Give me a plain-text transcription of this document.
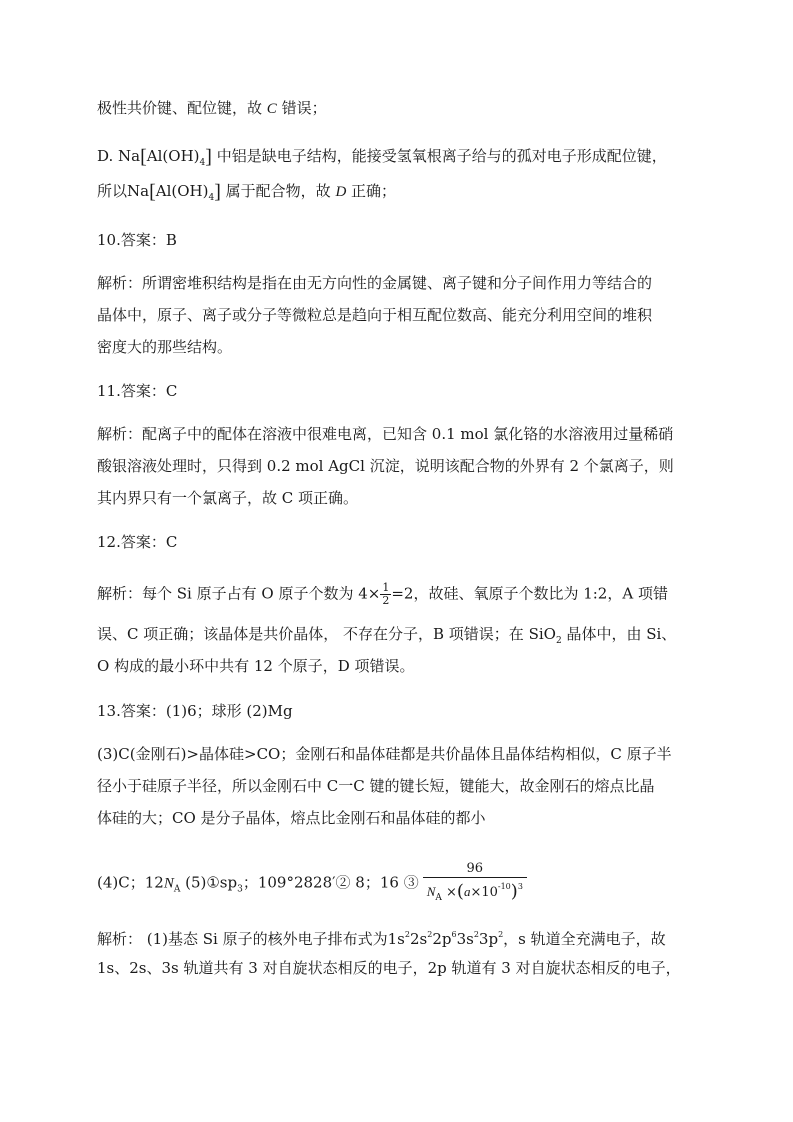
极性共价键、配位键，故 C 错误；
D. $Na[Al(OH)_4]$ 中铝是缺电子结构，能接受氢氧根离子给与的孤对电子形成配位键，
所以$Na[Al(OH)_4]$ 属于配合物，故 D 正确；
10.答案：B
解析：所谓密堆积结构是指在由无方向性的金属键、离子键和分子间作用力等结合的
晶体中，原子、离子或分子等微粒总是趋向于相互配位数高、能充分利用空间的堆积
密度大的那些结构。
11.答案：C
解析：配离子中的配体在溶液中很难电离，已知含 0.1 mol 氯化铬的水溶液用过量稀硝
酸银溶液处理时，只得到 0.2 mol AgCl 沉淀，说明该配合物的外界有 2 个氯离子，则
其内界只有一个氯离子，故 C 项正确。
12.答案：C
解析：每个 Si 原子占有 O 原子个数为 $4\times \frac{1}{2} =2$，故硅、氧原子个数比为 1:2，A 项错
误、C 项正确；该晶体是共价晶体， 不存在分子，B 项错误；在 SiO$_2$ 晶体中，由 Si、
O 构成的最小环中共有 12 个原子，D 项错误。
13.答案：(1)6；球形 (2)Mg
(3)C(金刚石)>晶体硅>CO；金刚石和晶体硅都是共价晶体且晶体结构相似，C 原子半
径小于硅原子半径，所以金刚石中 C一C 键的键长短，键能大，故金刚石的熔点比晶
体硅的大；CO 是分子晶体，熔点比金刚石和晶体硅的都小
(4)C；$12N_A$ $(5)①sp_3$；109°2828′② 8；16 ③ $\frac{96}{N_A \times(a\times 10^{-10})^3}$
解析： (1)基态 Si 原子的核外电子排布式为$1s^22s^22p^63s^23p^2$，s 轨道全充满电子，故
1s、2s、3s 轨道共有 3 对自旋状态相反的电子，2p 轨道有 3 对自旋状态相反的电子，
